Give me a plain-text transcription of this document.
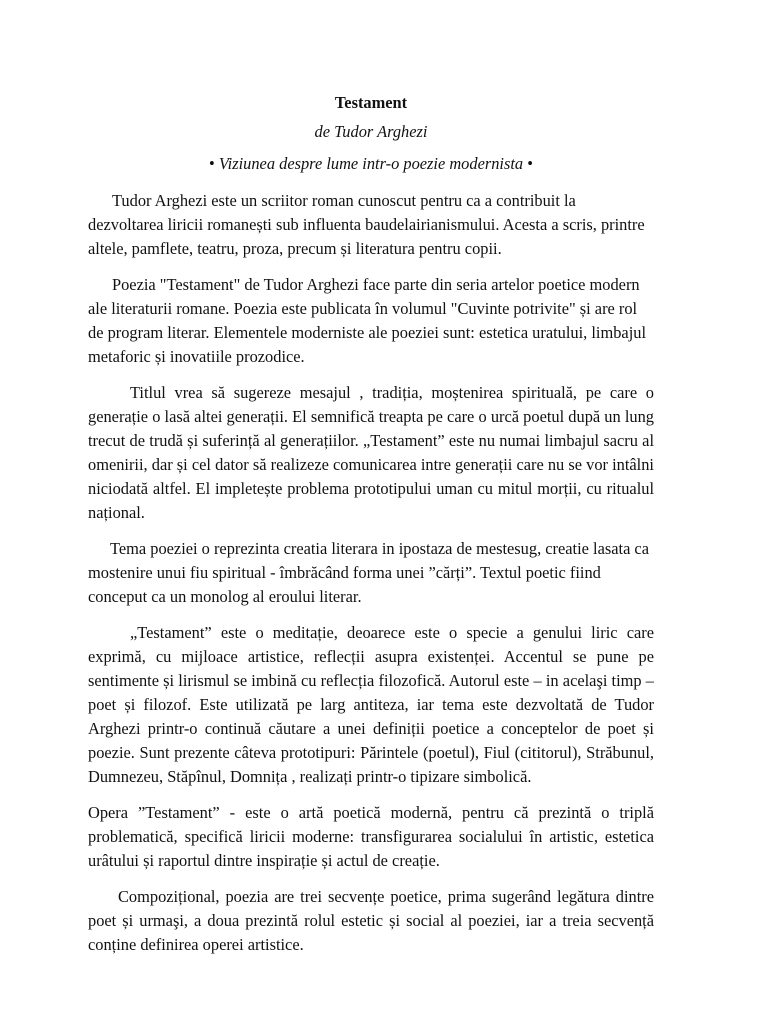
Testament
de Tudor Arghezi
• Viziunea despre lume intr-o poezie modernista •

Tudor Arghezi este un scriitor roman cunoscut pentru ca a contribuit la dezvoltarea liricii romanești sub influenta baudelairianismului. Acesta a scris, printre altele, pamflete, teatru, proza, precum și literatura pentru copii.

Poezia "Testament" de Tudor Arghezi face parte din seria artelor poetice modern ale literaturii romane. Poezia este publicata în volumul "Cuvinte potrivite" și are rol de program literar. Elementele moderniste ale poeziei sunt: estetica uratului, limbajul metaforic și inovatiile prozodice.

Titlul vrea să sugereze mesajul , tradiția, moștenirea spirituală, pe care o generație o lasă altei generații. El semnifică treapta pe care o urcă poetul după un lung trecut de trudă și suferință al generațiilor. „Testament” este nu numai limbajul sacru al omenirii, dar și cel dator să realizeze comunicarea intre generații care nu se vor intâlni niciodată altfel. El impletește problema prototipului uman cu mitul morții, cu ritualul național.

Tema poeziei o reprezinta creatia literara in ipostaza de mestesug, creatie lasata ca mostenire unui fiu spiritual - îmbrăcând forma unei ”cărți”. Textul poetic fiind conceput ca un monolog al eroului literar.

„Testament” este o meditație, deoarece este o specie a genului liric care exprimă, cu mijloace artistice, reflecții asupra existenței. Accentul se pune pe sentimente și lirismul se imbină cu reflecția filozofică. Autorul este – in acelaşi timp – poet și filozof. Este utilizată pe larg antiteza, iar tema este dezvoltată de Tudor Arghezi printr-o continuă căutare a unei definiții poetice a conceptelor de poet și poezie. Sunt prezente câteva prototipuri: Părintele (poetul), Fiul (cititorul), Străbunul, Dumnezeu, Stăpînul, Domnița , realizați printr-o tipizare simbolică.

Opera ”Testament” - este o artă poetică modernă, pentru că prezintă o triplă problematică, specifică liricii moderne: transfigurarea socialului în artistic, estetica urâtului și raportul dintre inspirație și actul de creație.

Compozițional, poezia are trei secvențe poetice, prima sugerând legătura dintre poet și urmaşi, a doua prezintă rolul estetic și social al poeziei, iar a treia secvență conține definirea operei artistice.
